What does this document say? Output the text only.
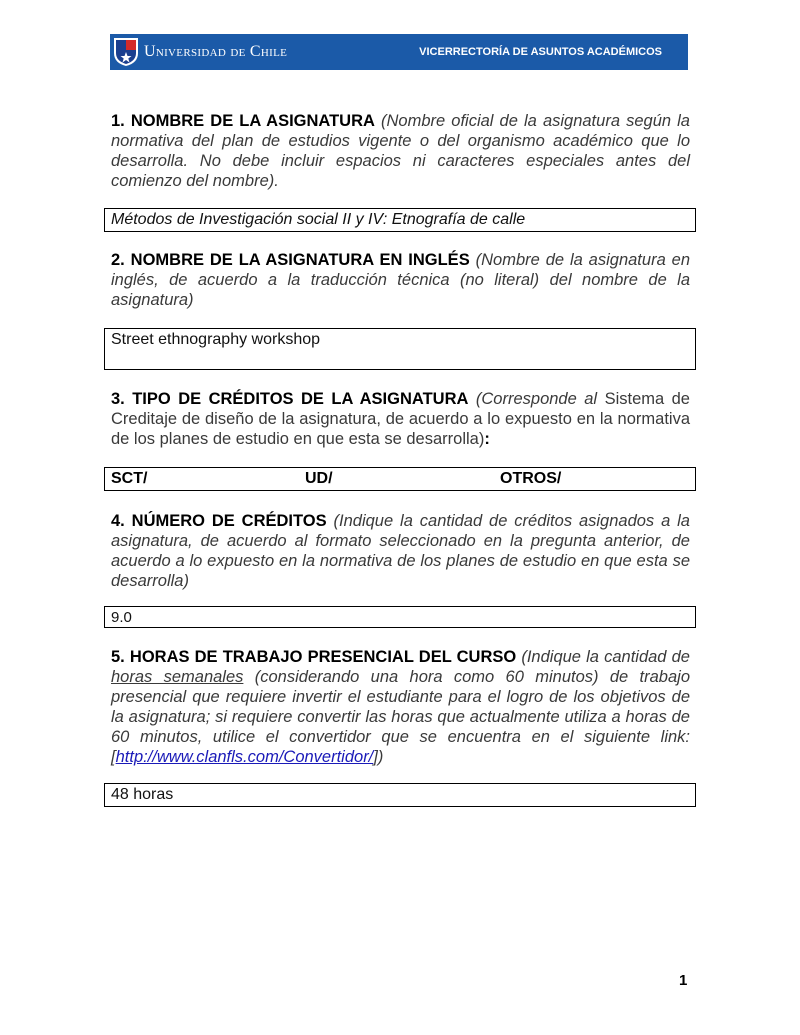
Universidad de Chile	VICERRECTORÍA DE ASUNTOS ACADÉMICOS
1. NOMBRE DE LA ASIGNATURA (Nombre oficial de la asignatura según la normativa del plan de estudios vigente o del organismo académico que lo desarrolla. No debe incluir espacios ni caracteres especiales antes del comienzo del nombre).
Métodos de Investigación social II y IV: Etnografía de calle
2. NOMBRE DE LA ASIGNATURA EN INGLÉS (Nombre de la asignatura en inglés, de acuerdo a la traducción técnica (no literal) del nombre de la asignatura)
Street ethnography workshop
3. TIPO DE CRÉDITOS DE LA ASIGNATURA (Corresponde al Sistema de Creditaje de diseño de la asignatura, de acuerdo a lo expuesto en la normativa de los planes de estudio en que esta se desarrolla):
SCT/	UD/	OTROS/
4. NÚMERO DE CRÉDITOS (Indique la cantidad de créditos asignados a la asignatura, de acuerdo al formato seleccionado en la pregunta anterior, de acuerdo a lo expuesto en la normativa de los planes de estudio en que esta se desarrolla)
9.0
5. HORAS DE TRABAJO PRESENCIAL DEL CURSO (Indique la cantidad de horas semanales (considerando una hora como 60 minutos) de trabajo presencial que requiere invertir el estudiante para el logro de los objetivos de la asignatura; si requiere convertir las horas que actualmente utiliza a horas de 60 minutos, utilice el convertidor que se encuentra en el siguiente link: [http://www.clanfls.com/Convertidor/])
48 horas
1
